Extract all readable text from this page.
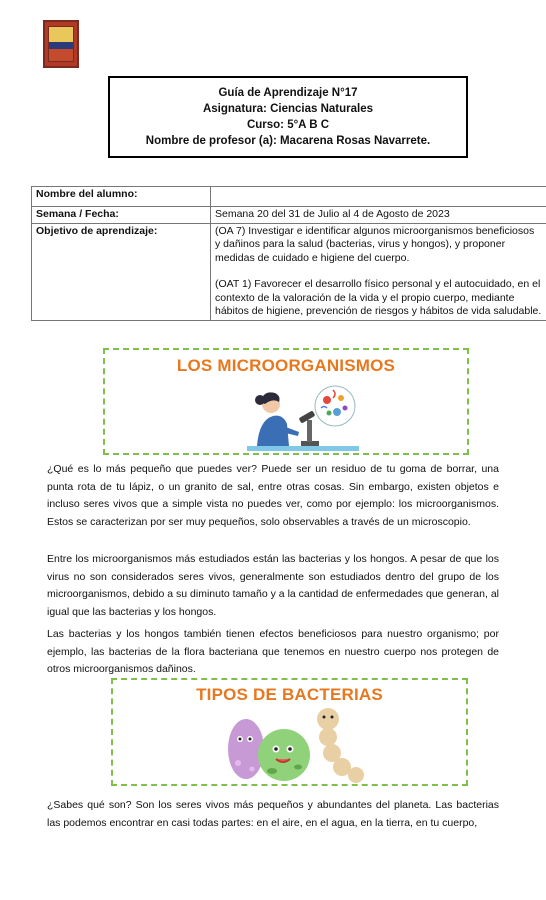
Guía de Aprendizaje N°17
Asignatura: Ciencias Naturales
Curso: 5°A B C
Nombre de profesor (a): Macarena Rosas Navarrete.
Nombre del alumno:	
Semana / Fecha:	Semana 20 del 31 de Julio al 4 de Agosto de 2023
Objetivo de aprendizaje:	(OA 7) Investigar e identificar algunos microorganismos beneficiosos y dañinos para la salud (bacterias, virus y hongos), y proponer medidas de cuidado e higiene del cuerpo.

(OAT 1) Favorecer el desarrollo físico personal y el autocuidado, en el contexto de la valoración de la vida y el propio cuerpo, mediante hábitos de higiene, prevención de riesgos y hábitos de vida saludable.

LOS MICROORGANISMOS

¿Qué es lo más pequeño que puedes ver? Puede ser un residuo de tu goma de borrar, una punta rota de tu lápiz, o un granito de sal, entre otras cosas. Sin embargo, existen objetos e incluso seres vivos que a simple vista no puedes ver, como por ejemplo: los microorganismos. Estos se caracterizan por ser muy pequeños, solo observables a través de un microscopio.

Entre los microorganismos más estudiados están las bacterias y los hongos. A pesar de que los virus no son considerados seres vivos, generalmente son estudiados dentro del grupo de los microorganismos, debido a su diminuto tamaño y a la cantidad de enfermedades que generan, al igual que las bacterias y los hongos.

Las bacterias y los hongos también tienen efectos beneficiosos para nuestro organismo; por ejemplo, las bacterias de la flora bacteriana que tenemos en nuestro cuerpo nos protegen de otros microorganismos dañinos.

TIPOS DE BACTERIAS

¿Sabes qué son? Son los seres vivos más pequeños y abundantes del planeta. Las bacterias las podemos encontrar en casi todas partes: en el aire, en el agua, en la tierra, en tu cuerpo,
